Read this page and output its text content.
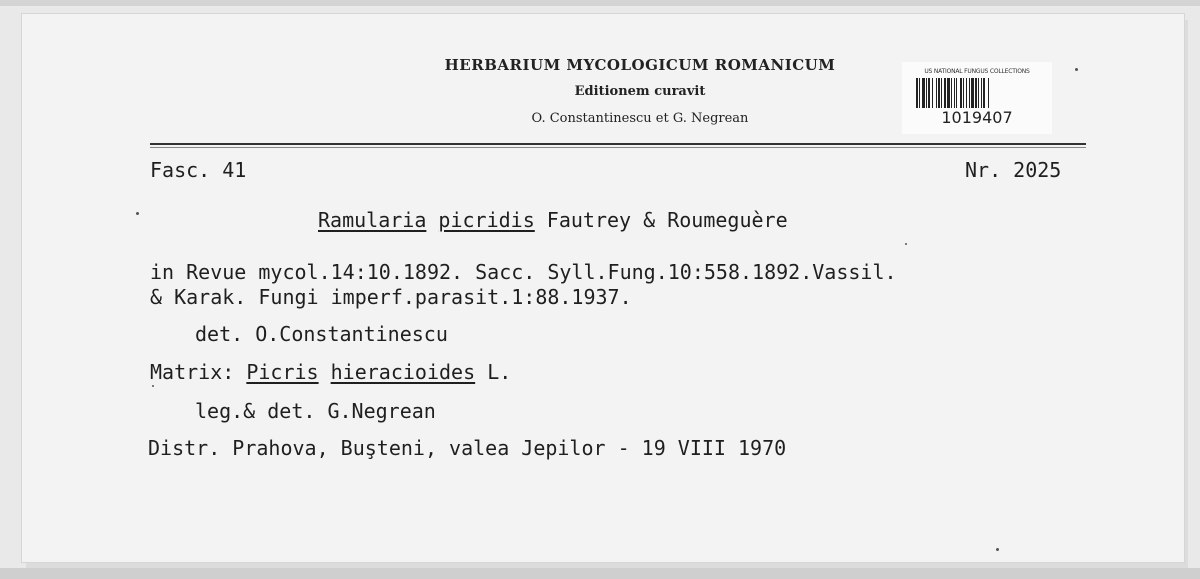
HERBARIUM MYCOLOGICUM ROMANICUM
Editionem curavit
O. Constantinescu et G. Negrean
US NATIONAL FUNGUS COLLECTIONS
1019407
Fasc. 41	Nr. 2025
Ramularia picridis Fautrey & Roumeguère
in Revue mycol.14:10.1892. Sacc. Syll.Fung.10:558.1892.Vassil.
& Karak. Fungi imperf.parasit.1:88.1937.
det. O.Constantinescu
Matrix: Picris hieracioides L.
leg.& det. G.Negrean
Distr. Prahova, Buşteni, valea Jepilor - 19 VIII 1970
